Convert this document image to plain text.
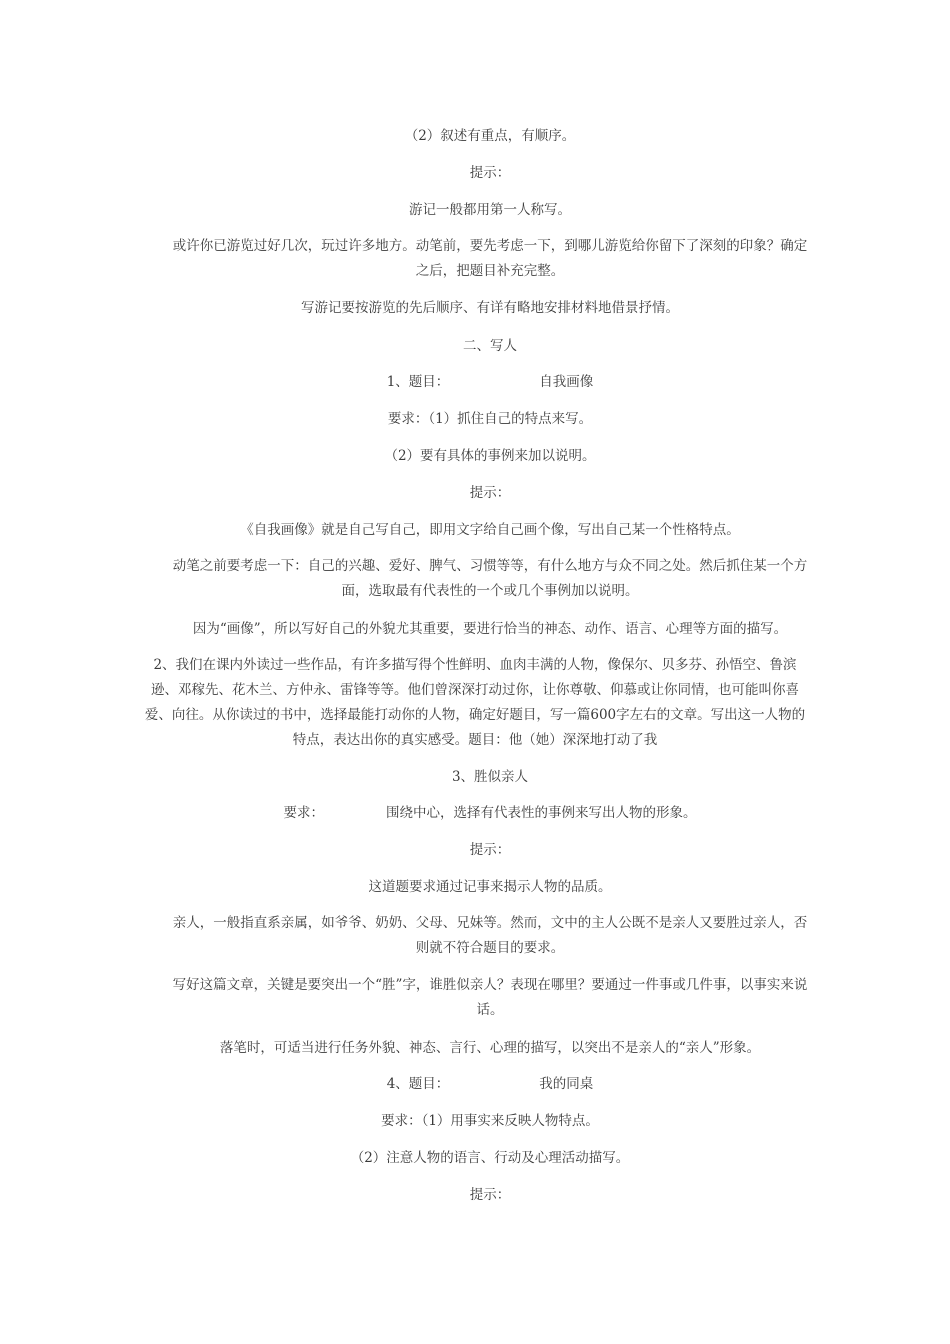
（2）叙述有重点，有顺序。
提示：
游记一般都用第一人称写。
或许你已游览过好几次，玩过许多地方。动笔前，要先考虑一下，到哪儿游览给你留下了深刻的印象？确定之后，把题目补充完整。
写游记要按游览的先后顺序、有详有略地安排材料地借景抒情。
二、写人
1、题目：	自我画像
要求：（1）抓住自己的特点来写。
（2）要有具体的事例来加以说明。
提示：
《自我画像》就是自己写自己，即用文字给自己画个像，写出自己某一个性格特点。
动笔之前要考虑一下：自己的兴趣、爱好、脾气、习惯等等，有什么地方与众不同之处。然后抓住某一个方面，选取最有代表性的一个或几个事例加以说明。
因为“画像”，所以写好自己的外貌尤其重要，要进行恰当的神态、动作、语言、心理等方面的描写。
2、我们在课内外读过一些作品，有许多描写得个性鲜明、血肉丰满的人物，像保尔、贝多芬、孙悟空、鲁滨逊、邓稼先、花木兰、方仲永、雷锋等等。他们曾深深打动过你，让你尊敬、仰慕或让你同情，也可能叫你喜爱、向往。从你读过的书中，选择最能打动你的人物，确定好题目，写一篇600字左右的文章。写出这一人物的特点，表达出你的真实感受。题目：他（她）深深地打动了我
3、胜似亲人
要求：	围绕中心，选择有代表性的事例来写出人物的形象。
提示：
这道题要求通过记事来揭示人物的品质。
亲人，一般指直系亲属，如爷爷、奶奶、父母、兄妹等。然而，文中的主人公既不是亲人又要胜过亲人，否则就不符合题目的要求。
写好这篇文章，关键是要突出一个“胜”字，谁胜似亲人？表现在哪里？要通过一件事或几件事，以事实来说话。
落笔时，可适当进行任务外貌、神态、言行、心理的描写，以突出不是亲人的“亲人”形象。
4、题目：	我的同桌
要求：（1）用事实来反映人物特点。
（2）注意人物的语言、行动及心理活动描写。
提示：
